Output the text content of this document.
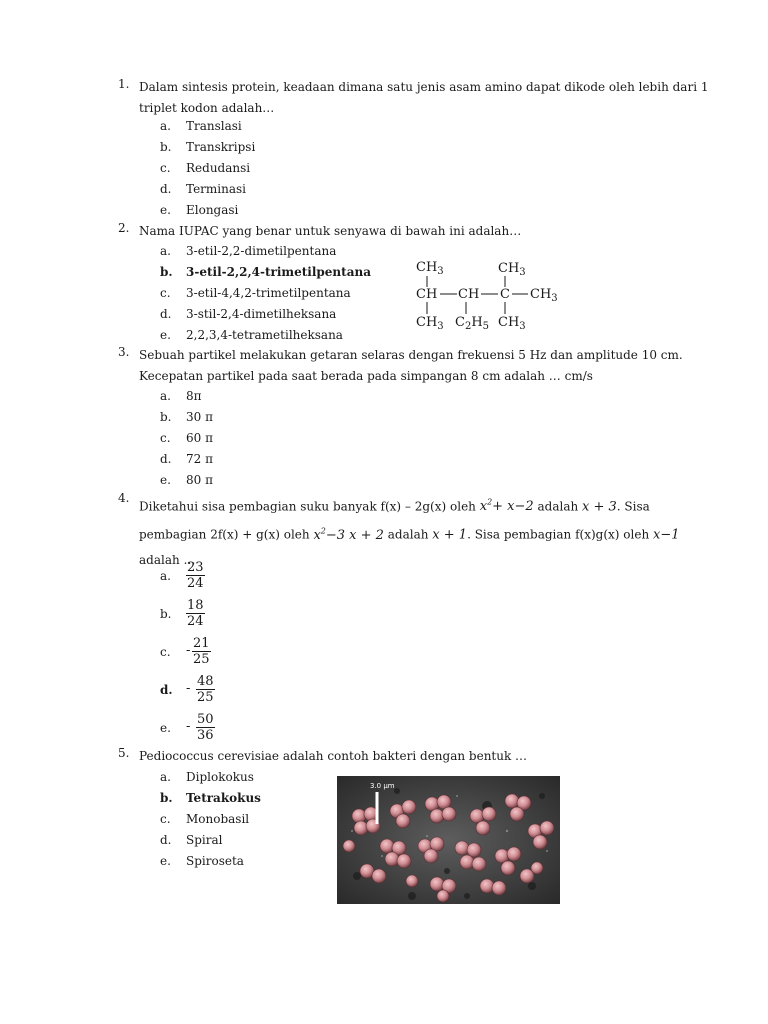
1. Dalam sintesis protein, keadaan dimana satu jenis asam amino dapat dikode oleh lebih dari 1
triplet kodon adalah…
a. Translasi
b. Transkripsi
c. Redudansi
d. Terminasi
e. Elongasi
2. Nama IUPAC yang benar untuk senyawa di bawah ini adalah…
a. 3-etil-2,2-dimetilpentana
b. 3-etil-2,2,4-trimetilpentana
c. 3-etil-4,4,2-trimetilpentana
d. 3-stil-2,4-dimetilheksana
e. 2,2,3,4-tetrametilheksana
$CH_3$	$CH_3$
CH CH C $CH_3$
$CH_3$ $C_2H_5$ $CH_3$
3. Sebuah partikel melakukan getaran selaras dengan frekuensi 5 Hz dan amplitude 10 cm.
Kecepatan partikel pada saat berada pada simpangan 8 cm adalah … cm/s
a. 8π
b. 30 π
c. 60 π
d. 72 π
e. 80 π
4.
Diketahui sisa pembagian suku banyak f(x) – 2g(x) oleh $x^2+ x-2$ adalah x + 3. Sisa
pembagian 2f(x) + g(x) oleh $x^2-3$ x + 2 adalah x + 1. Sisa pembagian f(x)g(x) oleh x−1
adalah …
a.	$\frac{23}{24}$
b.	$\frac{18}{24}$
c.	- $\frac{21}{25}$
d.	- $\frac{48}{25}$
e.	- $\frac{50}{36}$
5. Pediococcus cerevisiae adalah contoh bakteri dengan bentuk …
a. Diplokokus
b. Tetrakokus
c. Monobasil
d. Spiral
e. Spiroseta
3.0 µm
